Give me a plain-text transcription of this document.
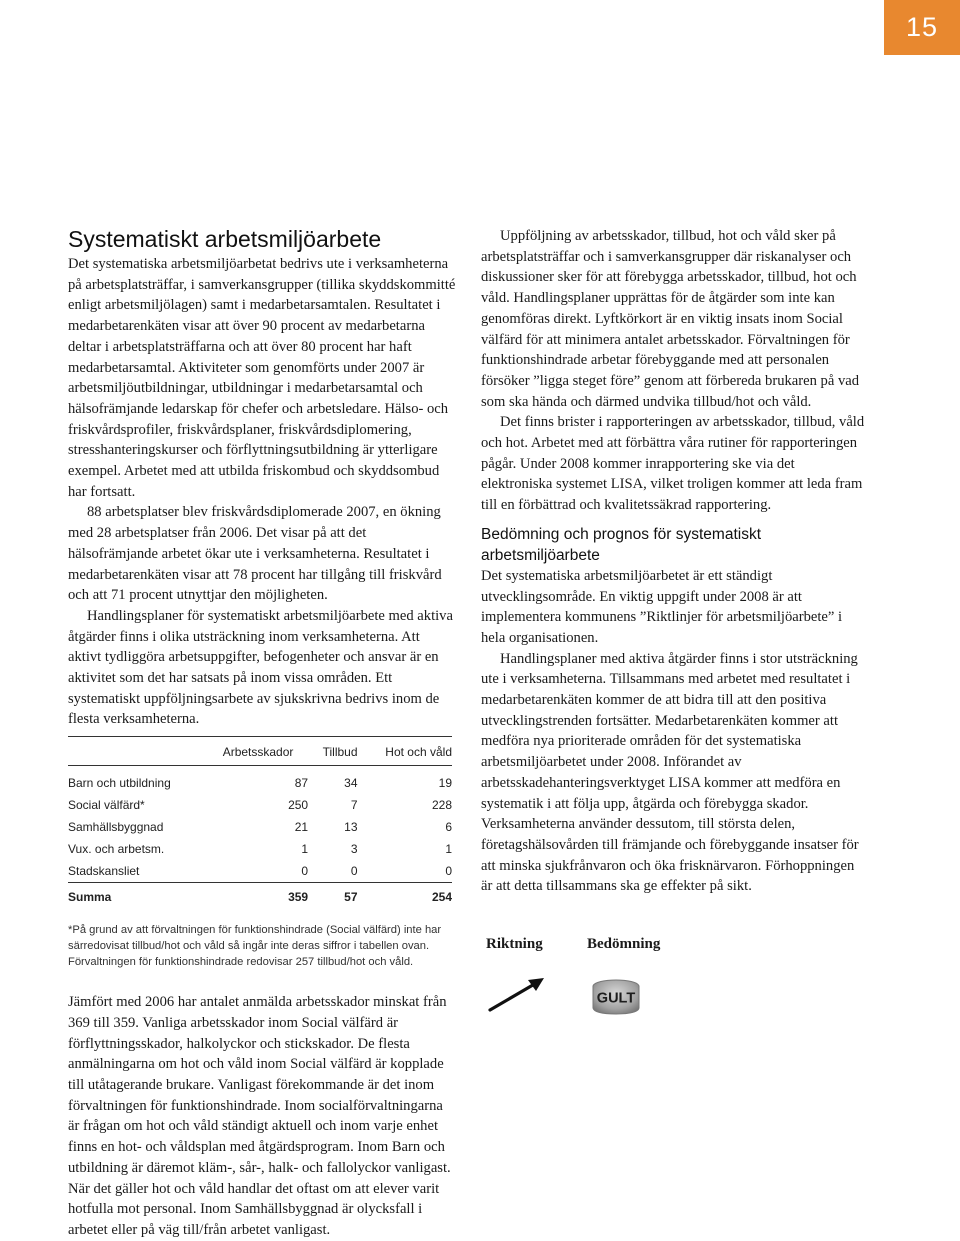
15
Systematiskt arbetsmiljöarbete

Det systematiska arbetsmiljöarbetat bedrivs ute i verksamheterna på arbetsplatsträffar, i samverkansgrupper (tillika skyddskommitté enligt arbetsmiljölagen) samt i medarbetarsamtalen. Resultatet i medarbetarenkäten visar att över 90 procent av medarbetarna deltar i arbetsplatsträffarna och att över 80 procent har haft medarbetarsamtal. Aktiviteter som genomförts under 2007 är arbetsmiljöutbildningar, utbildningar i medarbetarsamtal och hälsofrämjande ledarskap för chefer och arbetsledare. Hälso- och friskvårdsprofiler, friskvårdsplaner, friskvårdsdiplomering, stresshanteringskurser och förflyttningsutbildning är ytterligare exempel. Arbetet med att utbilda friskombud och skyddsombud har fortsatt.

88 arbetsplatser blev friskvårdsdiplomerade 2007, en ökning med 28 arbetsplatser från 2006. Det visar på att det hälsofrämjande arbetet ökar ute i verksamheterna. Resultatet i medarbetarenkäten visar att 78 procent har tillgång till friskvård och att 71 procent utnyttjar den möjligheten.

Handlingsplaner för systematiskt arbetsmiljöarbete med aktiva åtgärder finns i olika utsträckning inom verksamheterna. Att aktivt tydliggöra arbetsuppgifter, befogenheter och ansvar är en aktivitet som det har satsats på inom vissa områden. Ett systematiskt uppföljningsarbete av sjukskrivna bedrivs inom de flesta verksamheterna.

	Arbetsskador	Tillbud	Hot och våld
Barn och utbildning	87	34	19
Social välfärd*	250	7	228
Samhällsbyggnad	21	13	6
Vux. och arbetsm.	1	3	1
Stadskansliet	0	0	0
Summa	359	57	254

*På grund av att förvaltningen för funktionshindrade (Social välfärd) inte har särredovisat tillbud/hot och våld så ingår inte deras siffror i tabellen ovan. Förvaltningen för funktionshindrade redovisar 257 tillbud/hot och våld.

Jämfört med 2006 har antalet anmälda arbetsskador minskat från 369 till 359. Vanliga arbetsskador inom Social välfärd är förflyttningsskador, halkolyckor och stickskador. De flesta anmälningarna om hot och våld inom Social välfärd är kopplade till utåtagerande brukare. Vanligast förekommande är det inom förvaltningen för funktionshindrade. Inom socialförvaltningarna är frågan om hot och våld ständigt aktuell och inom varje enhet finns en hot- och våldsplan med åtgärdsprogram. Inom Barn och utbildning är däremot kläm-, sår-, halk- och fallolyckor vanligast. När det gäller hot och våld handlar det oftast om att elever varit hotfulla mot personal. Inom Samhällsbyggnad är olycksfall i arbetet eller på väg till/från arbetet vanligast.

Uppföljning av arbetsskador, tillbud, hot och våld sker på arbetsplatsträffar och i samverkansgrupper där riskanalyser och diskussioner sker för att förebygga arbetsskador, tillbud, hot och våld. Handlingsplaner upprättas för de åtgärder som inte kan genomföras direkt. Lyftkörkort är en viktig insats inom Social välfärd för att minimera antalet arbetsskador. Förvaltningen för funktionshindrade arbetar förebyggande med att personalen försöker ”ligga steget före” genom att förbereda brukaren på vad som ska hända och därmed undvika tillbud/hot och våld.

Det finns brister i rapporteringen av arbetsskador, tillbud, våld och hot. Arbetet med att förbättra våra rutiner för rapporteringen pågår. Under 2008 kommer inrapportering ske via det elektroniska systemet LISA, vilket troligen kommer att leda fram till en förbättrad och kvalitetssäkrad rapportering.

Bedömning och prognos för systematiskt arbetsmiljöarbete

Det systematiska arbetsmiljöarbetet är ett ständigt utvecklingsområde. En viktig uppgift under 2008 är att implementera kommunens ”Riktlinjer för arbetsmiljöarbete” i hela organisationen.

Handlingsplaner med aktiva åtgärder finns i stor utsträckning ute i verksamheterna. Tillsammans med arbetet med resultatet i medarbetarenkäten kommer de att bidra till att den positiva utvecklingstrenden fortsätter. Medarbetarenkäten kommer att medföra nya prioriterade områden för det systematiska arbetsmiljöarbetet under 2008. Införandet av arbetsskadehanteringsverktyget LISA kommer att medföra en systematik i att följa upp, åtgärda och förebygga skador. Verksamheterna använder dessutom, till största delen, företagshälsovården till främjande och förebyggande insatser för att minska sjukfrånvaron och öka frisknärvaron. Förhoppningen är att detta tillsammans ska ge effekter på sikt.

Riktning	Bedömning
GULT
